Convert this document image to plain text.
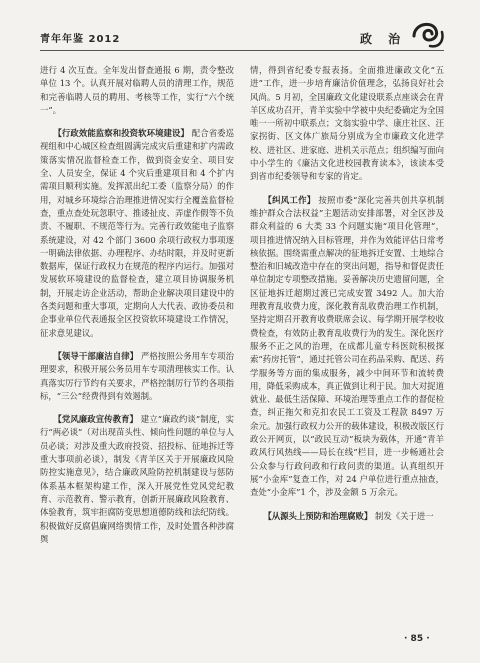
青年年鉴 2012	政 治

进行 4 次互查。全年发出督查通报 6 期，责令整改单位 13 个。认真开展对临聘人员的清理工作，规范和完善临聘人员的聘用、考核等工作，实行“六个统一”。

【行政效能监察和投资软环境建设】 配合省委巡视组和中心城区检查组圆满完成灾后重建和扩内需政策落实情况监督检查工作，做到资金安全、项目安全、人员安全，保证 4 个灾后重建项目和 4 个扩内需项目顺利实施。发挥派出纪工委（监察分局）的作用，对城乡环境综合治理推进情况实行全覆盖监督检查，重点查处玩忽职守、推诿扯皮、弄虚作假等不负责、不履职、不规范等行为。完善行政效能电子监察系统建设，对 42 个部门 3600 余项行政权力事项逐一明确法律依据、办理程序、办结时限，并及时更新数据库，保证行政权力在规范的程序内运行。加强对发展软环境建设的监督检查，建立项目协调服务机制，开展走访企业活动，帮助企业解决项目建设中的各类问题和重大事项，定期向人大代表、政协委员和企事业单位代表通报全区投资软环境建设工作情况，征求意见建议。

【领导干部廉洁自律】 严格按照公务用车专项治理要求，积极开展公务员用车专项清理核实工作。认真落实厉行节约有关要求，严格控制厉行节约各项指标，“三公”经费得到有效遏制。

【党风廉政宣传教育】 建立“廉政约谈”制度，实行“两必谈”（对出现苗头性、倾向性问题的单位与人员必谈；对涉及重大政府投资、招投标、征地拆迁等重大事项前必谈），制发《青羊区关于开展廉政风险防控实施意见》，结合廉政风险防控机制建设与惩防体系基本框架构建工作，深入开展党性党风党纪教育、示范教育、警示教育，创新开展廉政风险教育、体验教育，筑牢拒腐防变思想道德防线和法纪防线。积极做好反腐倡廉网络舆情工作，及时处置各种涉腐舆

情，得到省纪委专报表扬。全面推进廉政文化“五进”工作，进一步培育廉洁价值理念，弘扬良好社会风尚。5 月初，全国廉政文化建设联系点座谈会在青羊区成功召开，青羊实验中学被中央纪委确定为全国唯一一所初中联系点；文翁实验中学、康庄社区、汪家拐街、区文体广旅局分别成为全市廉政文化进学校、进社区、进家庭、进机关示范点；组织编写面向中小学生的《廉洁文化进校园教育读本》，该读本受到省市纪委领导和专家的肯定。

【纠风工作】 按照市委“深化完善共创共享机制维护群众合法权益”主题活动安排部署，对全区涉及群众利益的 6 大类 33 个问题实施“项目化管理”，项目推进情况纳入目标管理，并作为效能评估日常考核依据。围绕需重点解决的征地拆迁安置、土地综合整治和旧城改造中存在的突出问题，指导和督促责任单位制定专项整改措施。妥善解决历史遗留问题，全区征地拆迁超期过渡已完成安置 3492 人。加大治理教育乱收费力度，深化教育乱收费治理工作机制，坚持定期召开教育收费联席会议、每学期开展学校收费检查，有效防止教育乱收费行为的发生。深化医疗服务不正之风的治理，在成都儿童专科医院积极探索“药房托管”，通过托管公司在药品采购、配送、药学服务等方面的集成服务，减少中间环节和流转费用，降低采购成本，真正做到让利于民。加大对捉道就业、最低生活保障、环境治理等重点工作的督促检查，纠正拖欠和克扣农民工工资及工程款 8497 万余元。加强行政权力公开的载体建设，积极改版区行政公开网页，以“政民互动”板块为载体，开通“青羊政风行风热线——局长在线”栏目，进一步畅通社会公众参与行政问政和行政问责的渠道。认真组织开展“小金库”复查工作，对 24 户单位进行重点抽查，查处“小金库”1 个，涉及金额 5 万余元。

【从源头上预防和治理腐败】 制发《关于进一

· 85 ·
